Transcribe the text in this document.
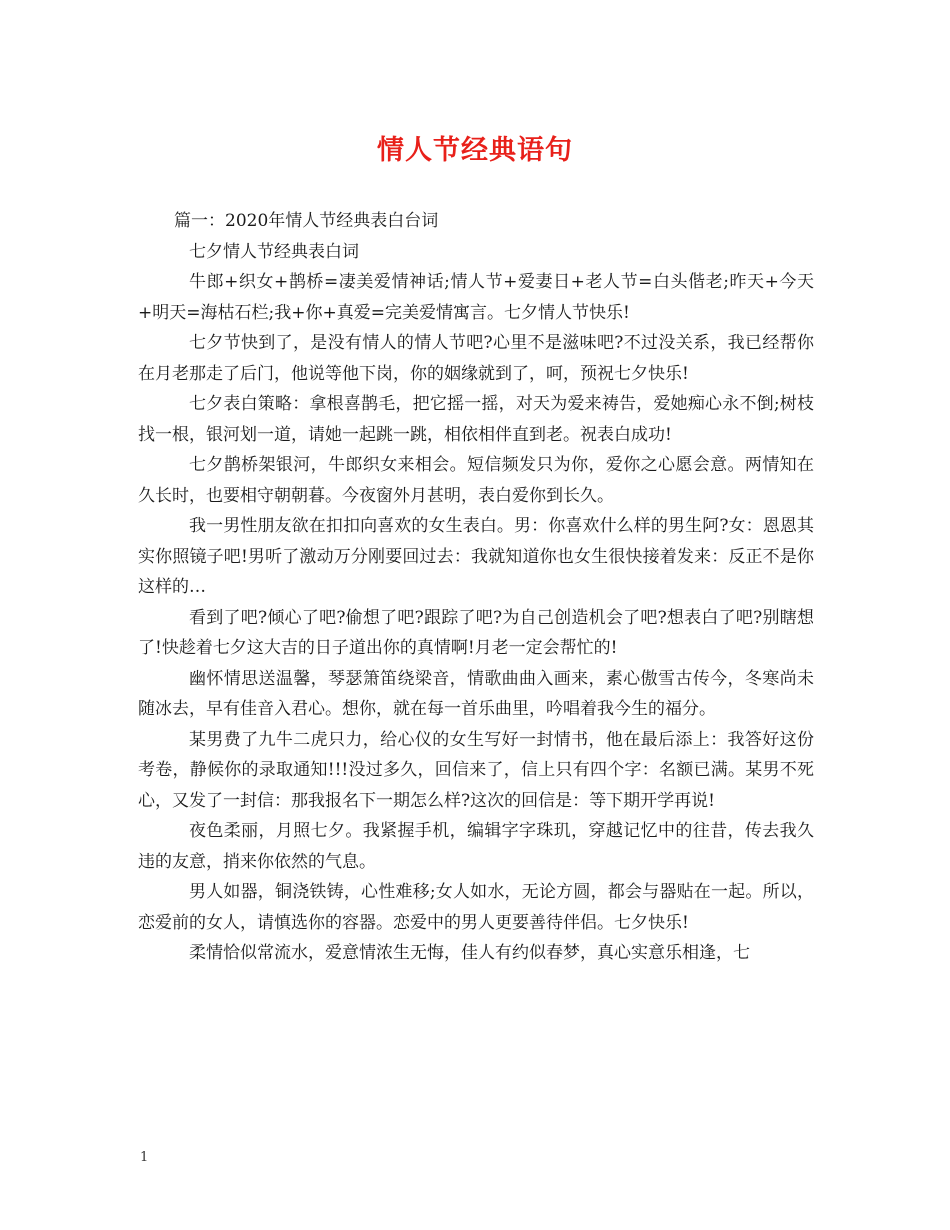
情人节经典语句

篇一：2020年情人节经典表白台词

七夕情人节经典表白词

牛郎+织女+鹊桥=凄美爱情神话;情人节+爱妻日+老人节=白头偕老;昨天+今天+明天=海枯石栏;我+你+真爱=完美爱情寓言。七夕情人节快乐!

七夕节快到了，是没有情人的情人节吧?心里不是滋味吧?不过没关系，我已经帮你在月老那走了后门，他说等他下岗，你的姻缘就到了，呵，预祝七夕快乐!

七夕表白策略：拿根喜鹊毛，把它摇一摇，对天为爱来祷告，爱她痴心永不倒;树枝找一根，银河划一道，请她一起跳一跳，相依相伴直到老。祝表白成功!

七夕鹊桥架银河，牛郎织女来相会。短信频发只为你，爱你之心愿会意。两情知在久长时，也要相守朝朝暮。今夜窗外月甚明，表白爱你到长久。

我一男性朋友欲在扣扣向喜欢的女生表白。男：你喜欢什么样的男生阿?女：恩恩其实你照镜子吧!男听了激动万分刚要回过去：我就知道你也女生很快接着发来：反正不是你这样的…

看到了吧?倾心了吧?偷想了吧?跟踪了吧?为自己创造机会了吧?想表白了吧?别瞎想了!快趁着七夕这大吉的日子道出你的真情啊!月老一定会帮忙的!

幽怀情思送温馨，琴瑟箫笛绕梁音，情歌曲曲入画来，素心傲雪古传今，冬寒尚未随冰去，早有佳音入君心。想你，就在每一首乐曲里，吟唱着我今生的福分。

某男费了九牛二虎只力，给心仪的女生写好一封情书，他在最后添上：我答好这份考卷，静候你的录取通知!!!没过多久，回信来了，信上只有四个字：名额已满。某男不死心，又发了一封信：那我报名下一期怎么样?这次的回信是：等下期开学再说!

夜色柔丽，月照七夕。我紧握手机，编辑字字珠玑，穿越记忆中的往昔，传去我久违的友意，捎来你依然的气息。

男人如器，铜浇铁铸，心性难移;女人如水，无论方圆，都会与器贴在一起。所以，恋爱前的女人，请慎选你的容器。恋爱中的男人更要善待伴侣。七夕快乐!

柔情恰似常流水，爱意情浓生无悔，佳人有约似春梦，真心实意乐相逢，七

1
